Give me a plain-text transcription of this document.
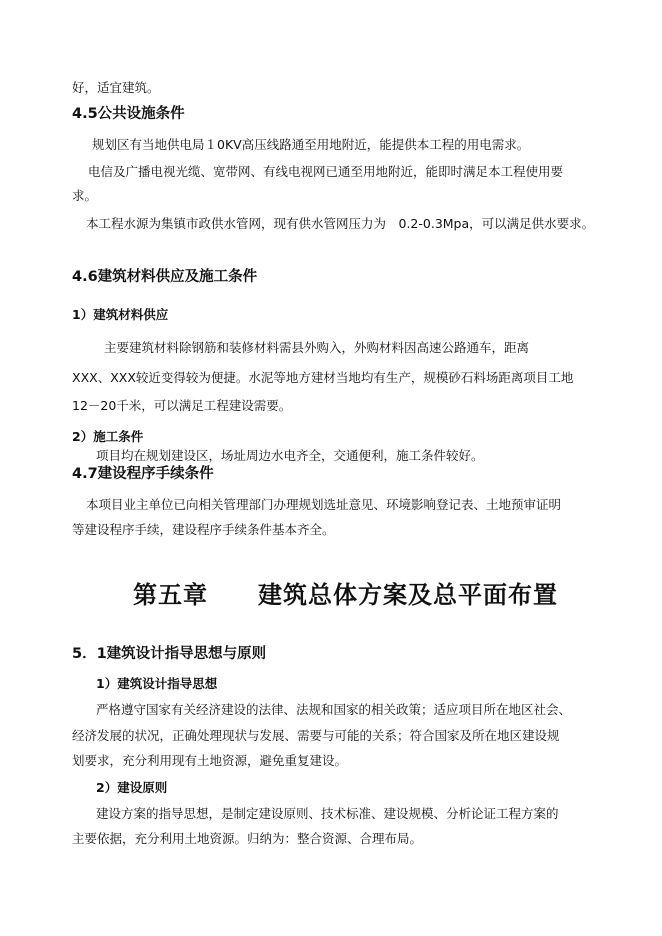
好，适宜建筑。
4.5公共设施条件
规划区有当地供电局１0KV高压线路通至用地附近，能提供本工程的用电需求。
电信及广播电视光缆、宽带网、有线电视网已通至用地附近，能即时满足本工程使用要
求。
本工程水源为集镇市政供水管网，现有供水管网压力为　0.2-0.3Mpa，可以满足供水要求。
4.6建筑材料供应及施工条件
1）建筑材料供应
主要建筑材料除钢筋和装修材料需县外购入，外购材料因高速公路通车，距离
XXX、XXX较近变得较为便捷。水泥等地方建材当地均有生产，规模砂石料场距离项目工地
12－20千米，可以满足工程建设需要。
2）施工条件
项目均在规划建设区，场址周边水电齐全，交通便利，施工条件较好。
4.7建设程序手续条件
本项目业主单位已向相关管理部门办理规划选址意见、环境影响登记表、土地预审证明
等建设程序手续，建设程序手续条件基本齐全。
第五章　　建筑总体方案及总平面布置
5．1建筑设计指导思想与原则
1）建筑设计指导思想
严格遵守国家有关经济建设的法律、法规和国家的相关政策；适应项目所在地区社会、
经济发展的状况，正确处理现状与发展、需要与可能的关系；符合国家及所在地区建设规
划要求，充分利用现有土地资源，避免重复建设。
2）建设原则
建设方案的指导思想，是制定建设原则、技术标准、建设规模、分析论证工程方案的
主要依据，充分利用土地资源。归纳为：整合资源、合理布局。
